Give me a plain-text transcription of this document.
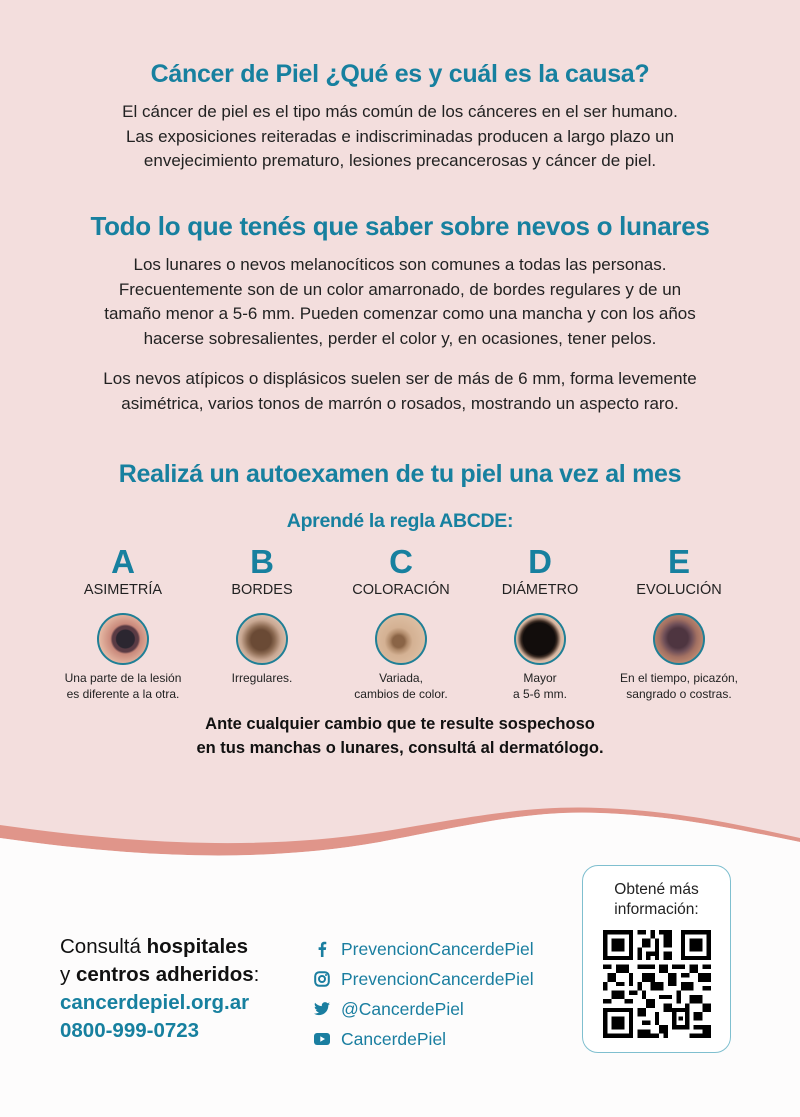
Cáncer de Piel ¿Qué es y cuál es la causa?
El cáncer de piel es el tipo más común de los cánceres en el ser humano.
Las exposiciones reiteradas e indiscriminadas producen a largo plazo un
envejecimiento prematuro, lesiones precancerosas y cáncer de piel.
Todo lo que tenés que saber sobre nevos o lunares
Los lunares o nevos melanocíticos son comunes a todas las personas.
Frecuentemente son de un color amarronado, de bordes regulares y de un
tamaño menor a 5-6 mm. Pueden comenzar como una mancha y con los años
hacerse sobresalientes, perder el color y, en ocasiones, tener pelos.
Los nevos atípicos o displásicos suelen ser de más de 6 mm, forma levemente
asimétrica, varios tonos de marrón o rosados, mostrando un aspecto raro.
Realizá un autoexamen de tu piel una vez al mes
Aprendé la regla ABCDE:
A
ASIMETRÍA
Una parte de la lesión
es diferente a la otra.
B
BORDES
Irregulares.

C
COLORACIÓN
Variada,
cambios de color.
D
DIÁMETRO
Mayor
a 5-6 mm.
E
EVOLUCIÓN
En el tiempo, picazón,
sangrado o costras.
Ante cualquier cambio que te resulte sospechoso
en tus manchas o lunares, consultá al dermatólogo.
Consultá hospitales
y centros adheridos:
cancerdepiel.org.ar
0800-999-0723
PrevencionCancerdePiel
PrevencionCancerdePiel
@CancerdePiel
CancerdePiel
Obtené más
información:
